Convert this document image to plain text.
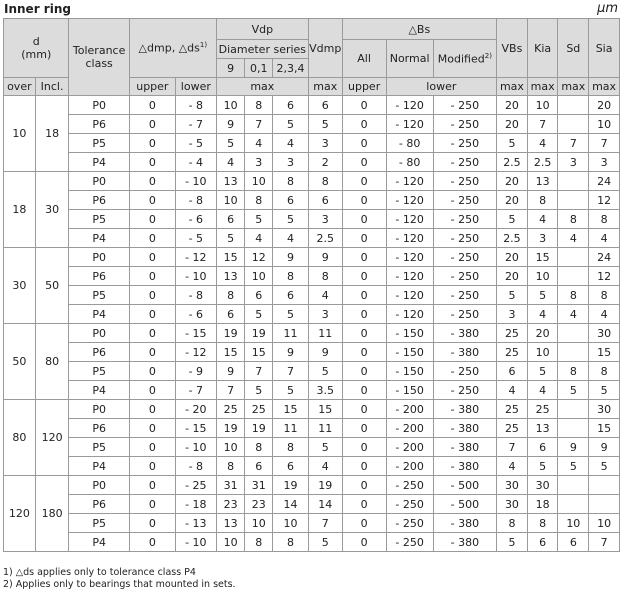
Inner ring	μm
d
(mm)		Tolerance class	△dmp, $\triangle ds^{1)}$		Vdp			Vdmp	△Bs			VBs	Kia	Sd	Sia
					Diameter series				All	Normal	Modified$^{2)}$
					9	0,1	2,3,4								
over	Incl.		upper	lower	max			max	upper	lower		max	max	max	max
10	18	P0	0	- 8	10	8	6	6	0	- 120	- 250	20	10		20
		P6	0	- 7	9	7	5	5	0	- 120	- 250	20	7		10
		P5	0	- 5	5	4	4	3	0	- 80	- 250	5	4	7	7
		P4	0	- 4	4	3	3	2	0	- 80	- 250	2.5	2.5	3	3
18	30	P0	0	- 10	13	10	8	8	0	- 120	- 250	20	13		24
		P6	0	- 8	10	8	6	6	0	- 120	- 250	20	8		12
		P5	0	- 6	6	5	5	3	0	- 120	- 250	5	4	8	8
		P4	0	- 5	5	4	4	2.5	0	- 120	- 250	2.5	3	4	4
30	50	P0	0	- 12	15	12	9	9	0	- 120	- 250	20	15		24
		P6	0	- 10	13	10	8	8	0	- 120	- 250	20	10		12
		P5	0	- 8	8	6	6	4	0	- 120	- 250	5	5	8	8
		P4	0	- 6	6	5	5	3	0	- 120	- 250	3	4	4	4
50	80	P0	0	- 15	19	19	11	11	0	- 150	- 380	25	20		30
		P6	0	- 12	15	15	9	9	0	- 150	- 380	25	10		15
		P5	0	- 9	9	7	7	5	0	- 150	- 250	6	5	8	8
		P4	0	- 7	7	5	5	3.5	0	- 150	- 250	4	4	5	5
80	120	P0	0	- 20	25	25	15	15	0	- 200	- 380	25	25		30
		P6	0	- 15	19	19	11	11	0	- 200	- 380	25	13		15
		P5	0	- 10	10	8	8	5	0	- 200	- 380	7	6	9	9
		P4	0	- 8	8	6	6	4	0	- 200	- 380	4	5	5	5
120	180	P0	0	- 25	31	31	19	19	0	- 250	- 500	30	30		
		P6	0	- 18	23	23	14	14	0	- 250	- 500	30	18		
		P5	0	- 13	13	10	10	7	0	- 250	- 380	8	8	10	10
		P4	0	- 10	10	8	8	5	0	- 250	- 380	5	6	6	7
1) △ds applies only to tolerance class P4
2) Applies only to bearings that mounted in sets.
